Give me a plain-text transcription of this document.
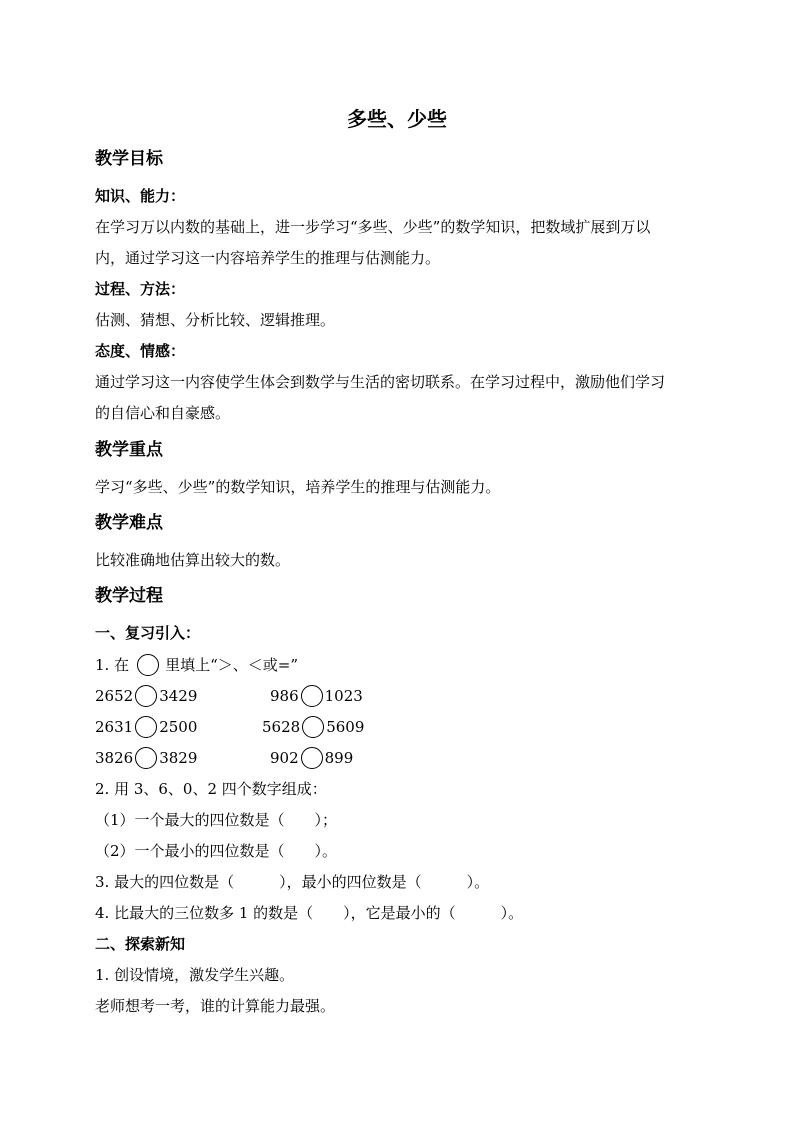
多些、少些
教学目标
知识、能力：
在学习万以内数的基础上，进一步学习“多些、少些”的数学知识，把数域扩展到万以
内，通过学习这一内容培养学生的推理与估测能力。
过程、方法：
估测、猜想、分析比较、逻辑推理。
态度、情感：
通过学习这一内容使学生体会到数学与生活的密切联系。在学习过程中，激励他们学习
的自信心和自豪感。
教学重点
学习“多些、少些”的数学知识，培养学生的推理与估测能力。
教学难点
比较准确地估算出较大的数。
教学过程
一、复习引入：
1. 在 里填上“＞、＜或=”
2652 3429	986 1023
2631 2500	5628 5609
3826 3829	902 899
2. 用 3、6、0、2 四个数字组成：
（1）一个最大的四位数是（　　）；
（2）一个最小的四位数是（　　）。
3. 最大的四位数是（　　　），最小的四位数是（　　　）。
4. 比最大的三位数多 1 的数是（　　），它是最小的（　　　）。
二、探索新知
1. 创设情境，激发学生兴趣。
老师想考一考，谁的计算能力最强。
